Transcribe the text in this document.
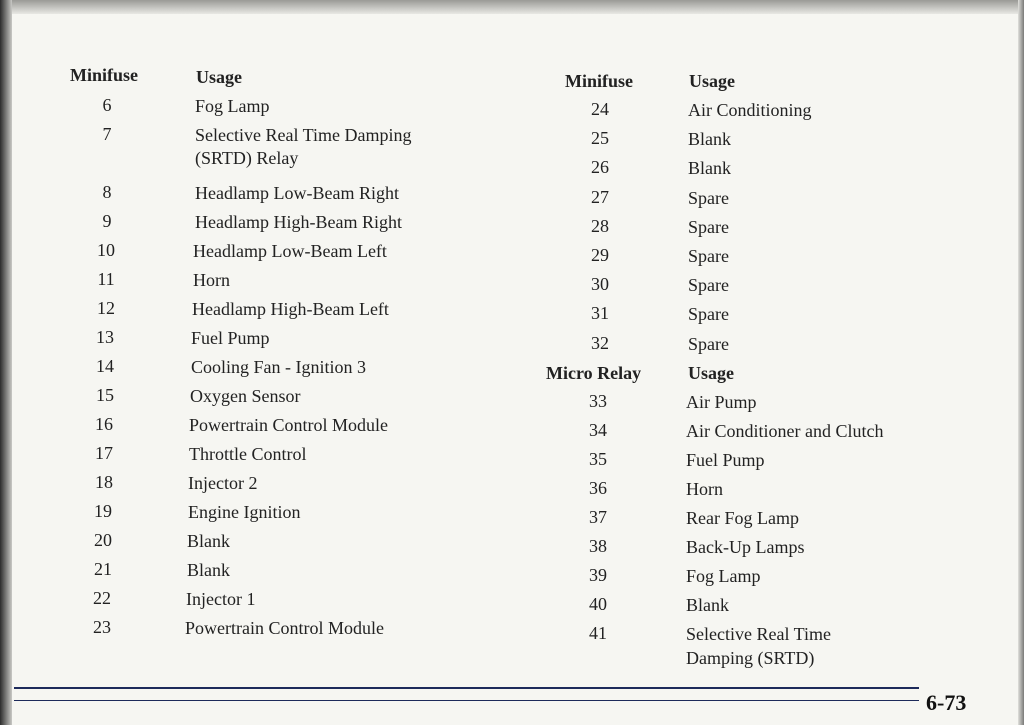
Minifuse	Usage
6	Fog Lamp
7	Selective Real Time Damping
(SRTD) Relay
8	Headlamp Low-Beam Right
9	Headlamp High-Beam Right
10	Headlamp Low-Beam Left
11	Horn
12	Headlamp High-Beam Left
13	Fuel Pump
14	Cooling Fan - Ignition 3
15	Oxygen Sensor
16	Powertrain Control Module
17	Throttle Control
18	Injector 2
19	Engine Ignition
20	Blank
21	Blank
22	Injector 1
23	Powertrain Control Module
Minifuse	Usage
24	Air Conditioning
25	Blank
26	Blank
27	Spare
28	Spare
29	Spare
30	Spare
31	Spare
32	Spare
Micro Relay	Usage
33	Air Pump
34	Air Conditioner and Clutch
35	Fuel Pump
36	Horn
37	Rear Fog Lamp
38	Back-Up Lamps
39	Fog Lamp
40	Blank
41	Selective Real Time
Damping (SRTD)
6-73
